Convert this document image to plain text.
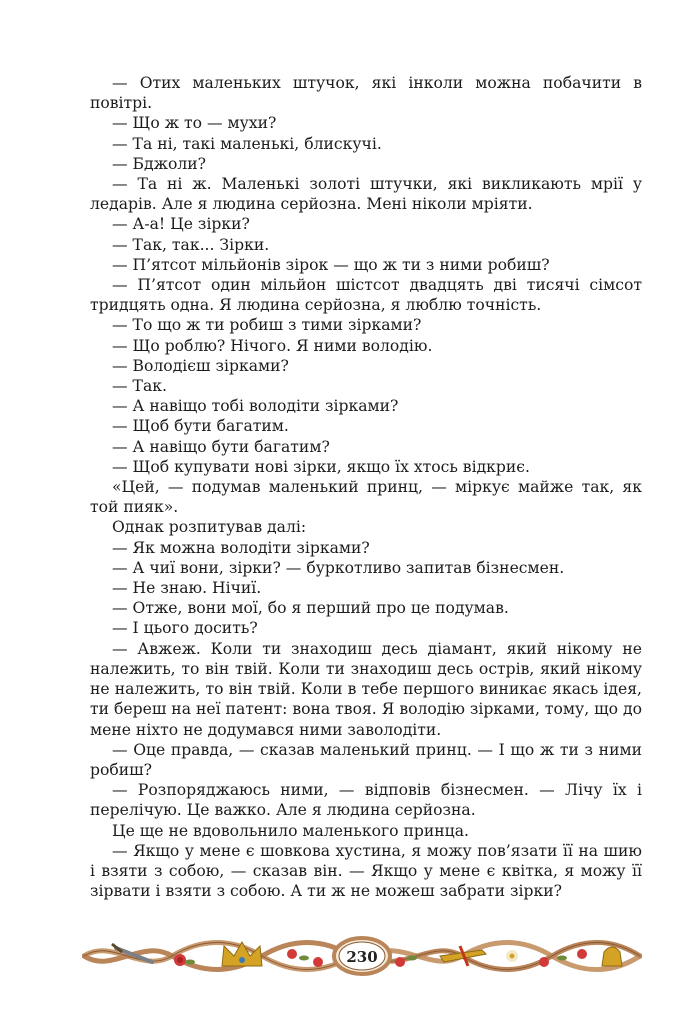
— Отих маленьких штучок, які інколи можна побачити в повітрі.

— Що ж то — мухи?

— Та ні, такі маленькі, блискучі.

— Бджоли?

— Та ні ж. Маленькі золоті штучки, які викликають мрії у ледарів. Але я людина серйозна. Мені ніколи мріяти.

— А-а! Це зірки?

— Так, так... Зірки.

— П’ятсот мільйонів зірок — що ж ти з ними робиш?

— П’ятсот один мільйон шістсот двадцять дві тисячі сімсот тридцять одна. Я людина серйозна, я люблю точність.

— То що ж ти робиш з тими зірками?

— Що роблю? Нічого. Я ними володію.

— Володієш зірками?

— Так.

— А навіщо тобі володіти зірками?

— Щоб бути багатим.

— А навіщо бути багатим?

— Щоб купувати нові зірки, якщо їх хтось відкриє.

«Цей, — подумав маленький принц, — міркує майже так, як той пияк».

Однак розпитував далі:

— Як можна володіти зірками?

— А чиї вони, зірки? — буркотливо запитав бізнесмен.

— Не знаю. Нічиї.

— Отже, вони мої, бо я перший про це подумав.

— І цього досить?

— Авжеж. Коли ти знаходиш десь діамант, який нікому не належить, то він твій. Коли ти знаходиш десь острів, який нікому не належить, то він твій. Коли в тебе першого виникає якась ідея, ти береш на неї патент: вона твоя. Я володію зірками, тому, що до мене ніхто не додумався ними заволодіти.

— Оце правда, — сказав маленький принц. — І що ж ти з ними робиш?

— Розпоряджаюсь ними, — відповів бізнесмен. — Лічу їх і перелічую. Це важко. Але я людина серйозна.

Це ще не вдовольнило маленького принца.

— Якщо у мене є шовкова хустина, я можу пов’язати її на шию і взяти з собою, — сказав він. — Якщо у мене є квітка, я можу її зірвати і взяти з собою. А ти ж не можеш забрати зірки?

230
